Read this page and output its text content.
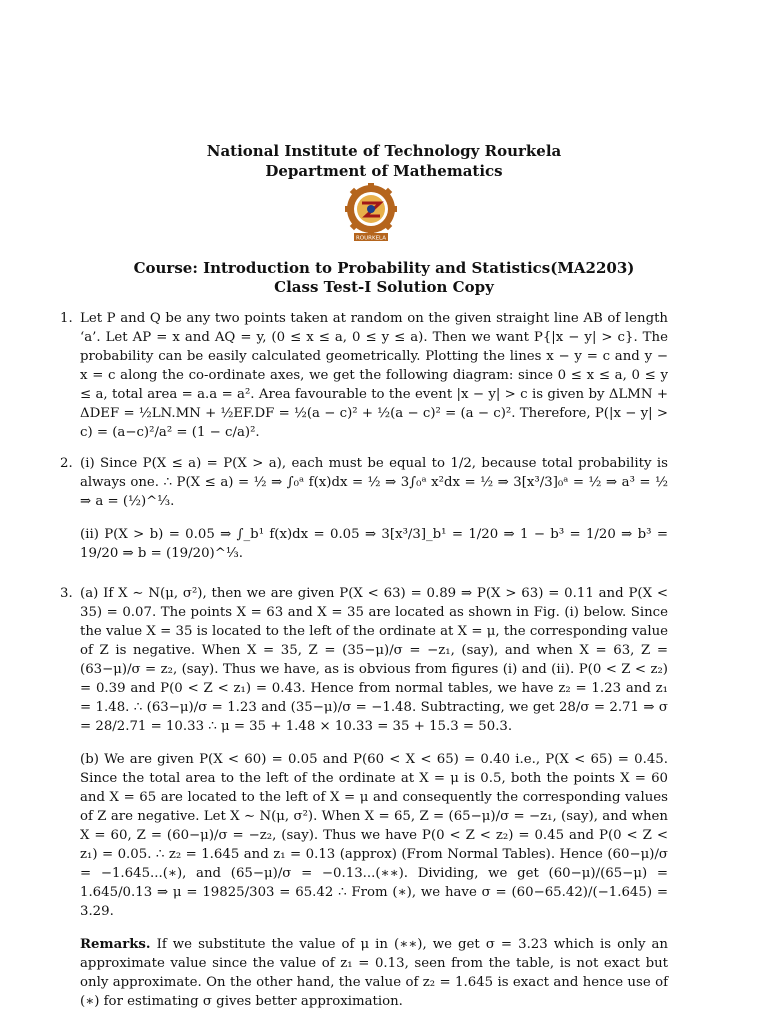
National Institute of Technology Rourkela
Department of Mathematics
ROURKELA
Course: Introduction to Probability and Statistics(MA2203)
Class Test-I Solution Copy
1. Let P and Q be any two points taken at random on the given straight line AB of length ‘a’. Let AP = x and AQ = y, (0 ≤ x ≤ a, 0 ≤ y ≤ a). Then we want P{|x − y| > c}. The probability can be easily calculated geometrically. Plotting the lines x − y = c and y − x = c along the co-ordinate axes, we get the following diagram: since 0 ≤ x ≤ a, 0 ≤ y ≤ a, total area = a.a = a². Area favourable to the event |x − y| > c is given by ΔLMN + ΔDEF = ½LN.MN + ½EF.DF = ½(a − c)² + ½(a − c)² = (a − c)². Therefore, P(|x − y| > c) = (a−c)²/a² = (1 − c/a)².
2. (i) Since P(X ≤ a) = P(X > a), each must be equal to 1/2, because total probability is always one. ∴ P(X ≤ a) = ½ ⇒ ∫₀ᵃ f(x)dx = ½ ⇒ 3∫₀ᵃ x²dx = ½ ⇒ 3[x³/3]₀ᵃ = ½ ⇒ a³ = ½ ⇒ a = (½)^⅓.
(ii) P(X > b) = 0.05 ⇒ ∫_b¹ f(x)dx = 0.05 ⇒ 3[x³/3]_b¹ = 1/20 ⇒ 1 − b³ = 1/20 ⇒ b³ = 19/20 ⇒ b = (19/20)^⅓.
3. (a) If X ∼ N(μ, σ²), then we are given P(X < 63) = 0.89 ⇒ P(X > 63) = 0.11 and P(X < 35) = 0.07. The points X = 63 and X = 35 are located as shown in Fig. (i) below. Since the value X = 35 is located to the left of the ordinate at X = μ, the corresponding value of Z is negative. When X = 35, Z = (35−μ)/σ = −z₁, (say), and when X = 63, Z = (63−μ)/σ = z₂, (say). Thus we have, as is obvious from figures (i) and (ii). P(0 < Z < z₂) = 0.39 and P(0 < Z < z₁) = 0.43. Hence from normal tables, we have z₂ = 1.23 and z₁ = 1.48. ∴ (63−μ)/σ = 1.23 and (35−μ)/σ = −1.48. Subtracting, we get 28/σ = 2.71 ⇒ σ = 28/2.71 = 10.33 ∴ μ = 35 + 1.48 × 10.33 = 35 + 15.3 = 50.3.
(b) We are given P(X < 60) = 0.05 and P(60 < X < 65) = 0.40 i.e., P(X < 65) = 0.45. Since the total area to the left of the ordinate at X = μ is 0.5, both the points X = 60 and X = 65 are located to the left of X = μ and consequently the corresponding values of Z are negative. Let X ∼ N(μ, σ²). When X = 65, Z = (65−μ)/σ = −z₁, (say), and when X = 60, Z = (60−μ)/σ = −z₂, (say). Thus we have P(0 < Z < z₂) = 0.45 and P(0 < Z < z₁) = 0.05. ∴ z₂ = 1.645 and z₁ = 0.13 (approx) (From Normal Tables). Hence (60−μ)/σ = −1.645...(∗), and (65−μ)/σ = −0.13...(∗∗). Dividing, we get (60−μ)/(65−μ) = 1.645/0.13 ⇒ μ = 19825/303 = 65.42 ∴ From (∗), we have σ = (60−65.42)/(−1.645) = 3.29.
Remarks. If we substitute the value of μ in (∗∗), we get σ = 3.23 which is only an approximate value since the value of z₁ = 0.13, seen from the table, is not exact but only approximate. On the other hand, the value of z₂ = 1.645 is exact and hence use of (∗) for estimating σ gives better approximation.
